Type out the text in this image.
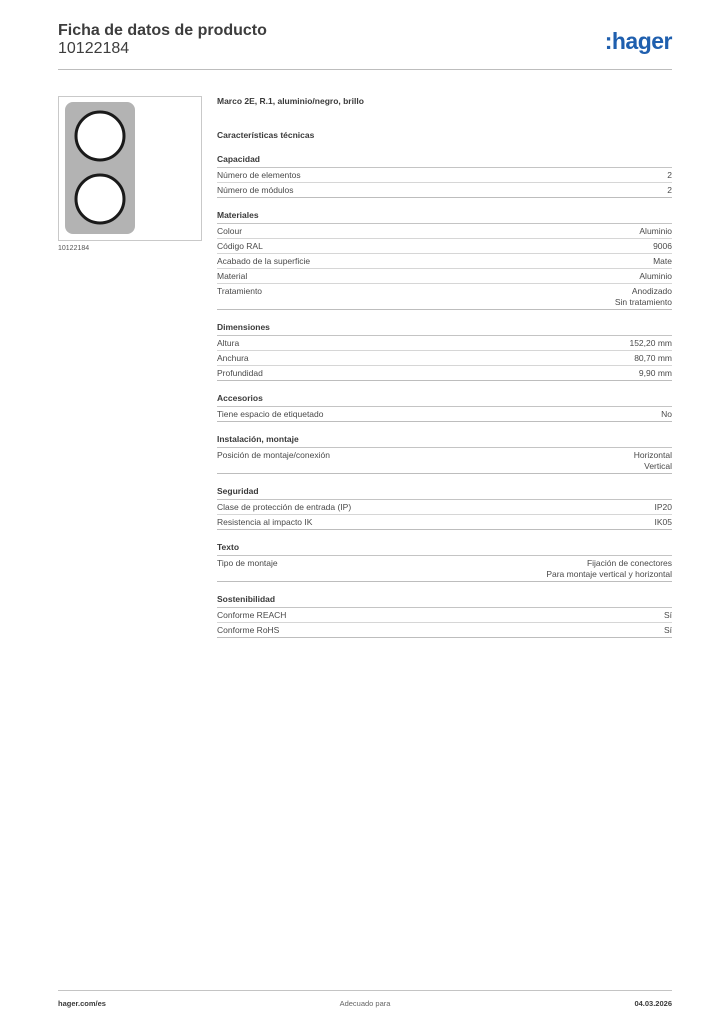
Ficha de datos de producto
10122184	:hager
10122184
Marco 2E, R.1, aluminio/negro, brillo
Características técnicas
Capacidad
Número de elementos	2
Número de módulos	2
Materiales
Colour	Aluminio
Código RAL	9006
Acabado de la superficie	Mate
Material	Aluminio
Tratamiento	Anodizado
Sin tratamiento
Dimensiones
Altura	152,20 mm
Anchura	80,70 mm
Profundidad	9,90 mm
Accesorios
Tiene espacio de etiquetado	No
Instalación, montaje
Posición de montaje/conexión	Horizontal
Vertical
Seguridad
Clase de protección de entrada (IP)	IP20
Resistencia al impacto IK	IK05
Texto
Tipo de montaje	Fijación de conectores
Para montaje vertical y horizontal
Sostenibilidad
Conforme REACH	Sí
Conforme RoHS	Sí
hager.com/es	Adecuado para	04.03.2026
